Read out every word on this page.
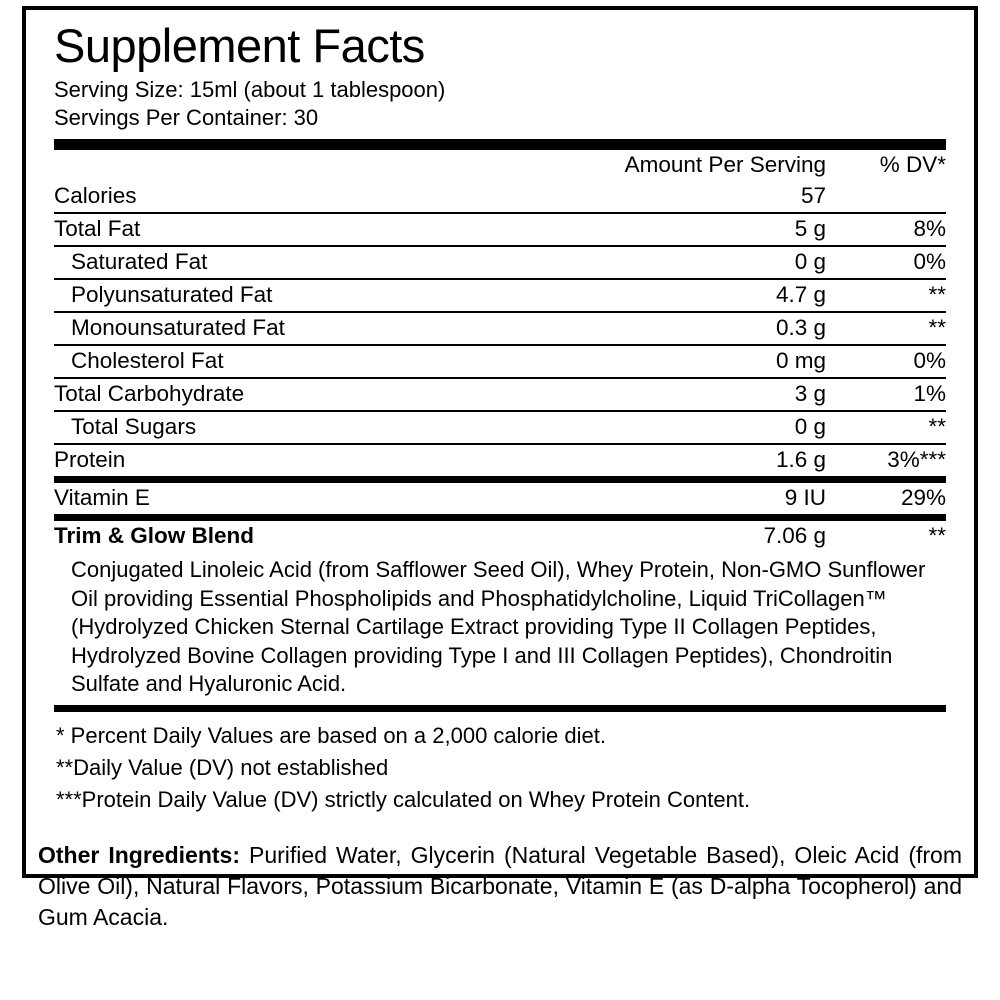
Supplement Facts
Serving Size: 15ml (about 1 tablespoon)
Servings Per Container: 30
	Amount Per Serving	% DV*
Calories	57	
Total Fat	5 g	8%
Saturated Fat	0 g	0%
Polyunsaturated Fat	4.7 g	**
Monounsaturated Fat	0.3 g	**
Cholesterol Fat	0 mg	0%
Total Carbohydrate	3 g	1%
Total Sugars	0 g	**
Protein	1.6 g	3%***
Vitamin E	9 IU	29%
Trim & Glow Blend	7.06 g	**
Conjugated Linoleic Acid (from Safflower Seed Oil), Whey Protein, Non-GMO Sunflower Oil providing Essential Phospholipids and Phosphatidylcholine, Liquid TriCollagen™ (Hydrolyzed Chicken Sternal Cartilage Extract providing Type II Collagen Peptides, Hydrolyzed Bovine Collagen providing Type I and III Collagen Peptides), Chondroitin Sulfate and Hyaluronic Acid.
* Percent Daily Values are based on a 2,000 calorie diet.
**Daily Value (DV) not established
***Protein Daily Value (DV) strictly calculated on Whey Protein Content.
Other Ingredients: Purified Water, Glycerin (Natural Vegetable Based), Oleic Acid (from Olive Oil), Natural Flavors, Potassium Bicarbonate, Vitamin E (as D-alpha Tocopherol) and Gum Acacia.
